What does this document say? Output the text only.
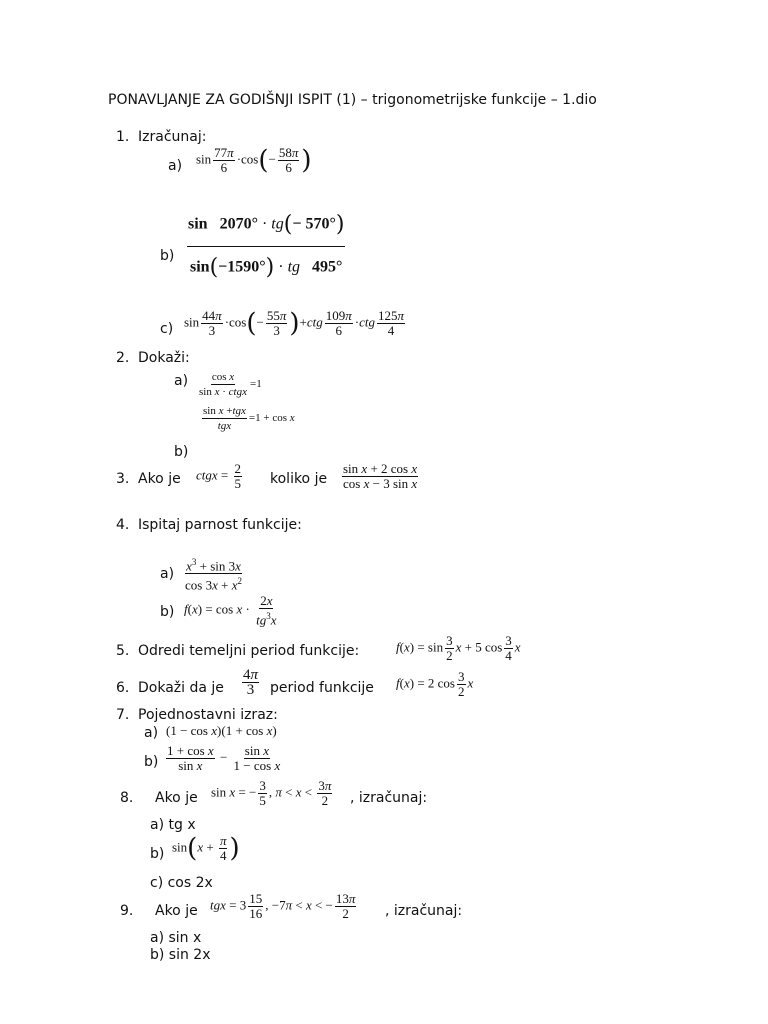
PONAVLJANJE ZA GODIŠNJI ISPIT (1) – trigonometrijske funkcije – 1.dio
1. Izračunaj:
a) $\sin \frac{77\pi}{6} \cdot\cos(- \frac{58\pi}{6}$ )
b)
sin   2070° · tg(− 570°)
sin(−1590°) · tg 495°
c) $\sin \frac{44\pi}{3} \cdot\cos(- \frac{55\pi}{3} )+ctg \frac{109\pi}{6} \cdot ctg \frac{125\pi}{4}$
2. Dokaži:
$a) \frac{\text{cos x}}{\text{sin x · ctgx}} =1$
$\frac{\text{sin x +tgx}}{\text{tgx}} =1 + \cos x$
b)
3. Ako je ctgx = $\frac{2}{5}$ koliko je $\frac{\text{sin x + 2 cos x}}{\text{cos x − 3 sin x}}$
4. Ispitaj parnost funkcije:
$a) \frac{x^3 + \sin 3x}{\cos 3x + x^2}$
b) $f(x) = \cos x \cdot \frac{2x}{tg^3x}$
5. Odredi temeljni period funkcije:	$f(x) = \sin \frac{3}{2}$ x + 5 $\cos \frac{3}{4}$ x
6. Dokaži da je $\frac{4\pi}{3}$ period funkcije f(x) = 2 $\cos \frac{3}{2}$ x
7. Pojednostavni izraz:
a) (1 − cos x)(1 + cos x)
$b) \frac{\text{1 + cos x}}{\text{sin x}} - \frac{\text{sin x}}{\text{1 − cos x}}$
8. Ako je sin x = − $\frac{3}{5}$ , $\pi < x < \frac{3\pi}{2}$ , izračunaj:
a) tg x
b) $\sin(x + \frac{\pi}{4}$ )
c) cos 2x
9. Ako je tgx = $3 \frac{15}{16}$ , −7π < x < − $\frac{13\pi}{2}$ , izračunaj:
a) sin x
b) sin 2x
